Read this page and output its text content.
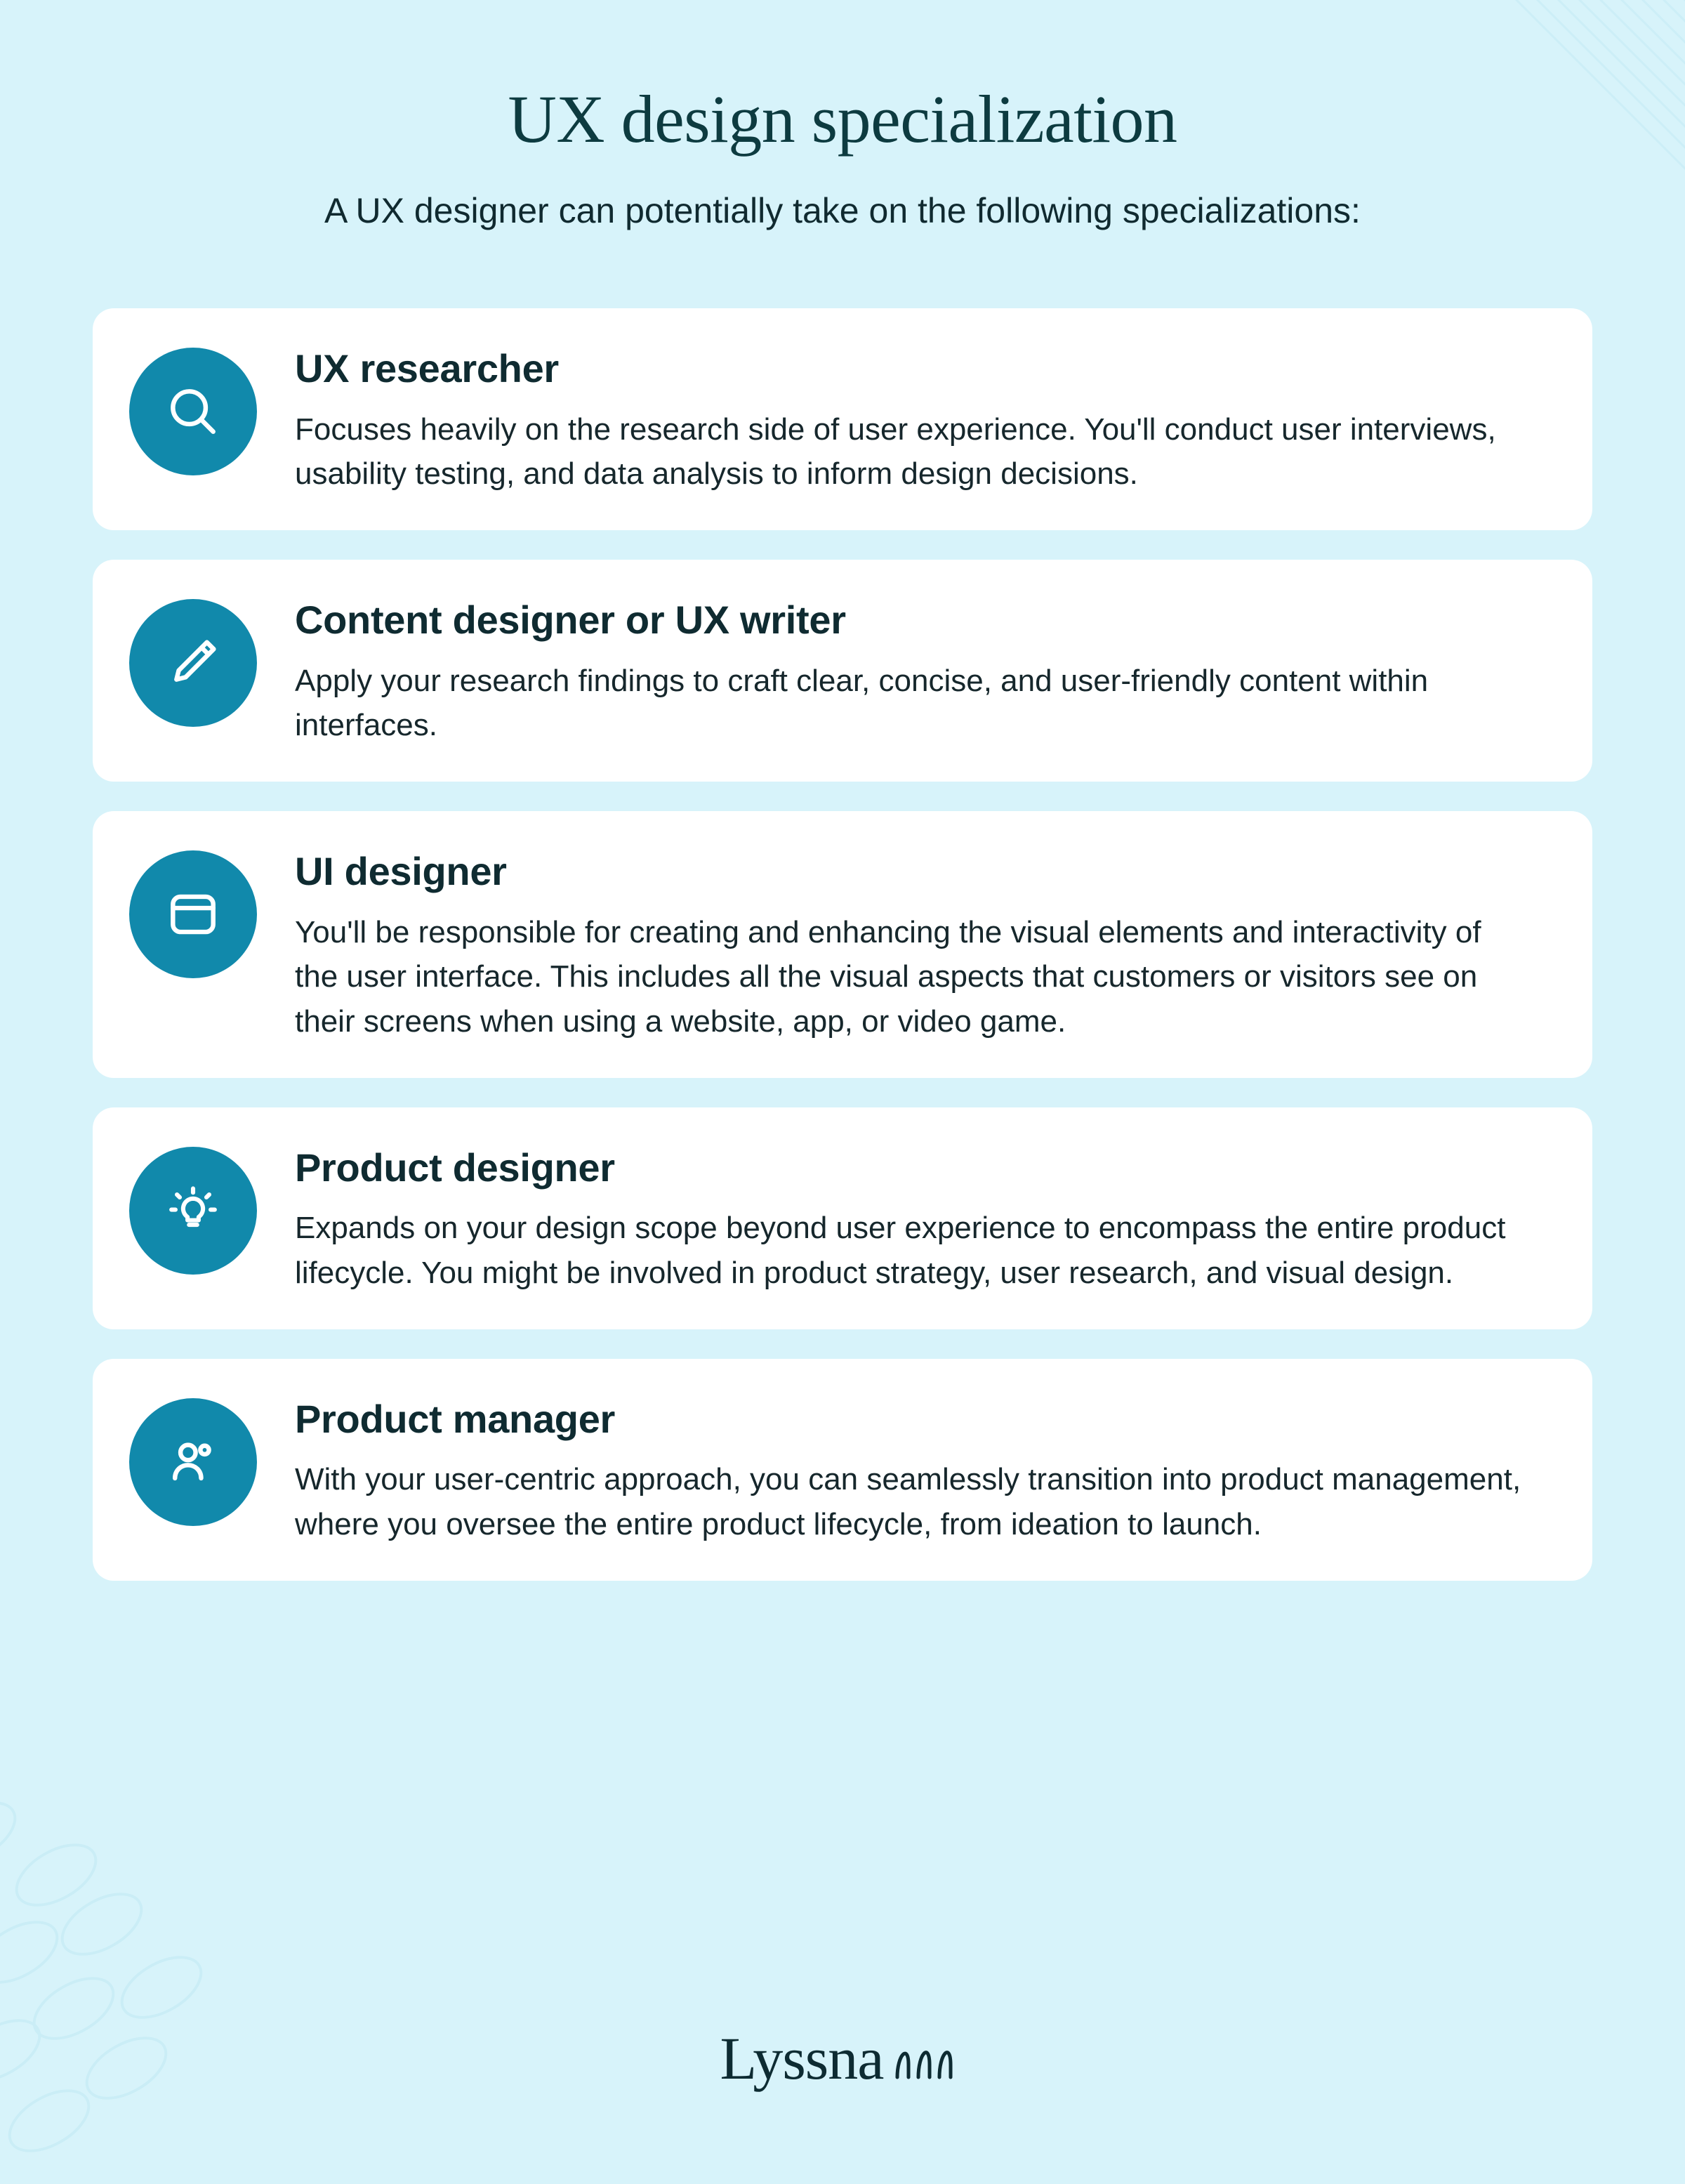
UX design specialization

A UX designer can potentially take on the following specializations:

UX researcher

Focuses heavily on the research side of user experience. You'll conduct user interviews, usability testing, and data analysis to inform design decisions.

Content designer or UX writer

Apply your research findings to craft clear, concise, and user-friendly content within interfaces.

UI designer

You'll be responsible for creating and enhancing the visual elements and interactivity of the user interface. This includes all the visual aspects that customers or visitors see on their screens when using a website, app, or video game.

Product designer

Expands on your design scope beyond user experience to encompass the entire product lifecycle. You might be involved in product strategy, user research, and visual design.

Product manager

With your user-centric approach, you can seamlessly transition into product management, where you oversee the entire product lifecycle, from ideation to launch.

Lyssna
